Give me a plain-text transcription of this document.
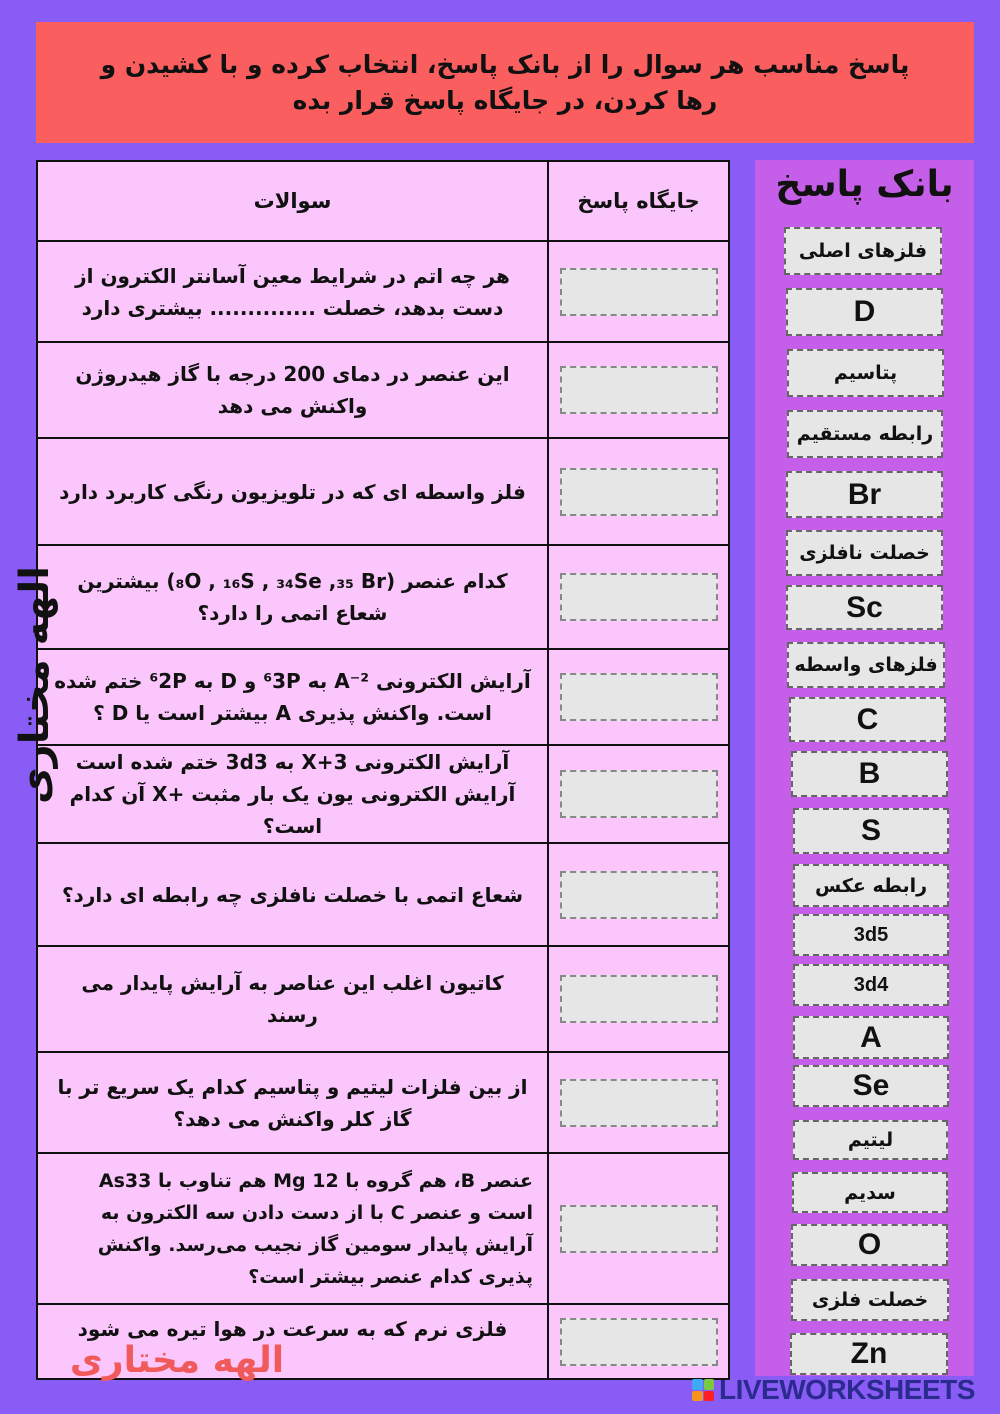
پاسخ مناسب هر سوال را از بانک پاسخ، انتخاب کرده و با کشیدن و
رها کردن، در جایگاه پاسخ قرار بده

سوالات	جایگاه پاسخ
هر چه اتم در شرایط معین آسانتر الکترون از
دست بدهد، خصلت .............. بیشتری دارد	

این عنصر در دمای 200 درجه با گاز هیدروژن
واکنش می دهد	

فلز واسطه ای که در تلویزیون رنگی کاربرد دارد	

کدام عنصر (₈O , ₁₆S , ₃₄Se ,₃₅ Br) بیشترین
شعاع اتمی را دارد؟	

آرایش الکترونی ²⁻A به ⁶3P و D به ⁶2P ختم شده
است. واکنش پذیری A بیشتر است یا D ؟	

آرایش الکترونی X+3 به 3d3 ختم شده است
آرایش الکترونی یون یک بار مثبت +X آن کدام
است؟	

شعاع اتمی با خصلت نافلزی چه رابطه ای دارد؟	

کاتیون اغلب این عناصر به آرایش پایدار می
رسند	

از بین فلزات لیتیم و پتاسیم کدام یک سریع تر با
گاز کلر واکنش می دهد؟	

عنصر B، هم گروه با Mg 12 هم تناوب با As33
است و عنصر C با از دست دادن سه الکترون به
آرایش پایدار سومین گاز نجیب می‌رسد. واکنش
پذیری کدام عنصر بیشتر است؟	

فلزی نرم که به سرعت در هوا تیره می شود	
بانک پاسخ
فلزهای اصلی
D
پتاسیم
رابطه مستقیم
Br
خصلت نافلزی
Sc
فلزهای واسطه
C
B
S
رابطه عکس
3d5
3d4
A
Se
لیتیم
سدیم
O
خصلت فلزی
Zn
الهه مختاری
الهه مختاری
LIVEWORKSHEETS
